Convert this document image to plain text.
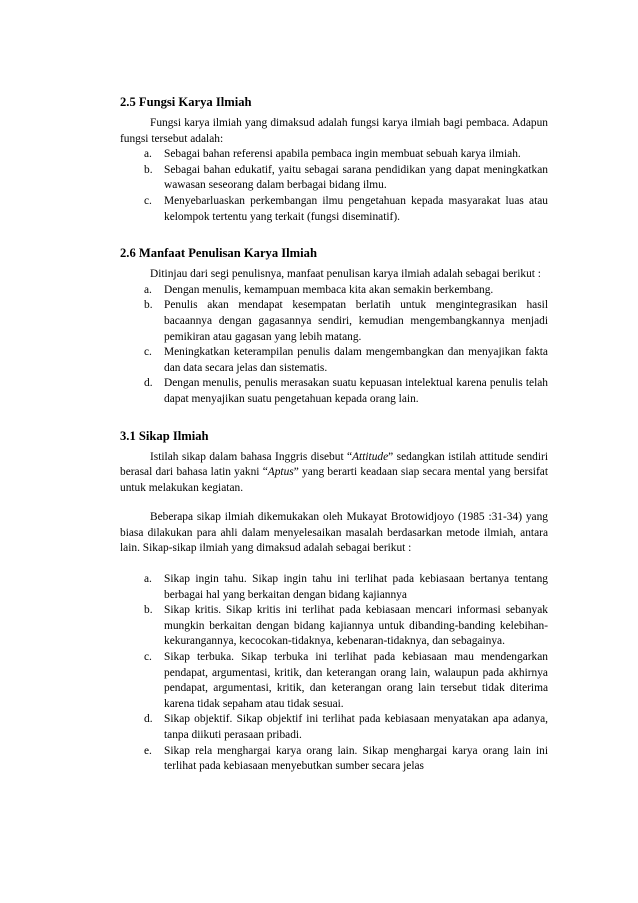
2.5 Fungsi Karya Ilmiah

Fungsi karya ilmiah yang dimaksud adalah fungsi karya ilmiah bagi pembaca. Adapun fungsi tersebut adalah:

a. Sebagai bahan referensi apabila pembaca ingin membuat sebuah karya ilmiah.
b. Sebagai bahan edukatif, yaitu sebagai sarana pendidikan yang dapat meningkatkan wawasan seseorang dalam berbagai bidang ilmu.
c. Menyebarluaskan perkembangan ilmu pengetahuan kepada masyarakat luas atau kelompok tertentu yang terkait (fungsi diseminatif).
2.6 Manfaat Penulisan Karya Ilmiah

Ditinjau dari segi penulisnya, manfaat penulisan karya ilmiah adalah sebagai berikut :

a. Dengan menulis, kemampuan membaca kita akan semakin berkembang.
b. Penulis akan mendapat kesempatan berlatih untuk mengintegrasikan hasil bacaannya dengan gagasannya sendiri, kemudian mengembangkannya menjadi pemikiran atau gagasan yang lebih matang.
c. Meningkatkan keterampilan penulis dalam mengembangkan dan menyajikan fakta dan data secara jelas dan sistematis.
d. Dengan menulis, penulis merasakan suatu kepuasan intelektual karena penulis telah dapat menyajikan suatu pengetahuan kepada orang lain.
3.1 Sikap Ilmiah

Istilah sikap dalam bahasa Inggris disebut “Attitude” sedangkan istilah attitude sendiri berasal dari bahasa latin yakni “Aptus” yang berarti keadaan siap secara mental yang bersifat untuk melakukan kegiatan.

Beberapa sikap ilmiah dikemukakan oleh Mukayat Brotowidjoyo (1985 :31-34) yang biasa dilakukan para ahli dalam menyelesaikan masalah berdasarkan metode ilmiah, antara lain. Sikap-sikap ilmiah yang dimaksud adalah sebagai berikut :

a. Sikap ingin tahu. Sikap ingin tahu ini terlihat pada kebiasaan bertanya tentang berbagai hal yang berkaitan dengan bidang kajiannya
b. Sikap kritis. Sikap kritis ini terlihat pada kebiasaan mencari informasi sebanyak mungkin berkaitan dengan bidang kajiannya untuk dibanding-banding kelebihan-kekurangannya, kecocokan-tidaknya, kebenaran-tidaknya, dan sebagainya.
c. Sikap terbuka. Sikap terbuka ini terlihat pada kebiasaan mau mendengarkan pendapat, argumentasi, kritik, dan keterangan orang lain, walaupun pada akhirnya pendapat, argumentasi, kritik, dan keterangan orang lain tersebut tidak diterima karena tidak sepaham atau tidak sesuai.
d. Sikap objektif. Sikap objektif ini terlihat pada kebiasaan menyatakan apa adanya, tanpa diikuti perasaan pribadi.
e. Sikap rela menghargai karya orang lain. Sikap menghargai karya orang lain ini terlihat pada kebiasaan menyebutkan sumber secara jelas
